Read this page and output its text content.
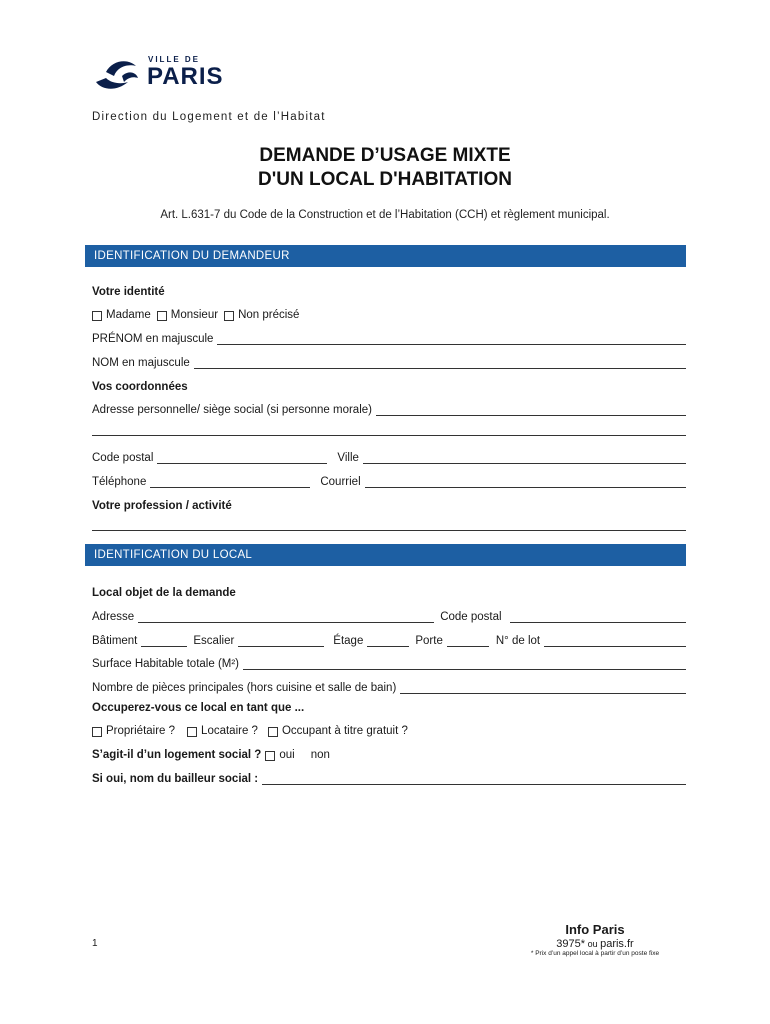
VILLE DE
PARIS
Direction du Logement et de l’Habitat
DEMANDE D’USAGE MIXTE
D'UN LOCAL D'HABITATION
Art. L.631-7 du Code de la Construction et de l’Habitation (CCH) et règlement municipal.
IDENTIFICATION DU DEMANDEUR
Votre identité
Madame Monsieur Non précisé
PRÉNOM en majuscule
NOM en majuscule
Vos coordonnées
Adresse personnelle/ siège social (si personne morale)
Code postal	Ville
Téléphone	Courriel
Votre profession / activité
IDENTIFICATION DU LOCAL
Local objet de la demande
Adresse	Code postal
Bâtiment	Escalier	Étage	Porte	N° de lot
Surface Habitable totale (M²)
Nombre de pièces principales (hors cuisine et salle de bain)
Occuperez-vous ce local en tant que ...
Propriétaire ? Locataire ? Occupant à titre gratuit ?
S’agit-il d’un logement social ? oui non
Si oui, nom du bailleur social :
1
Info Paris
3975* ou paris.fr
* Prix d’un appel local à partir d’un poste fixe
